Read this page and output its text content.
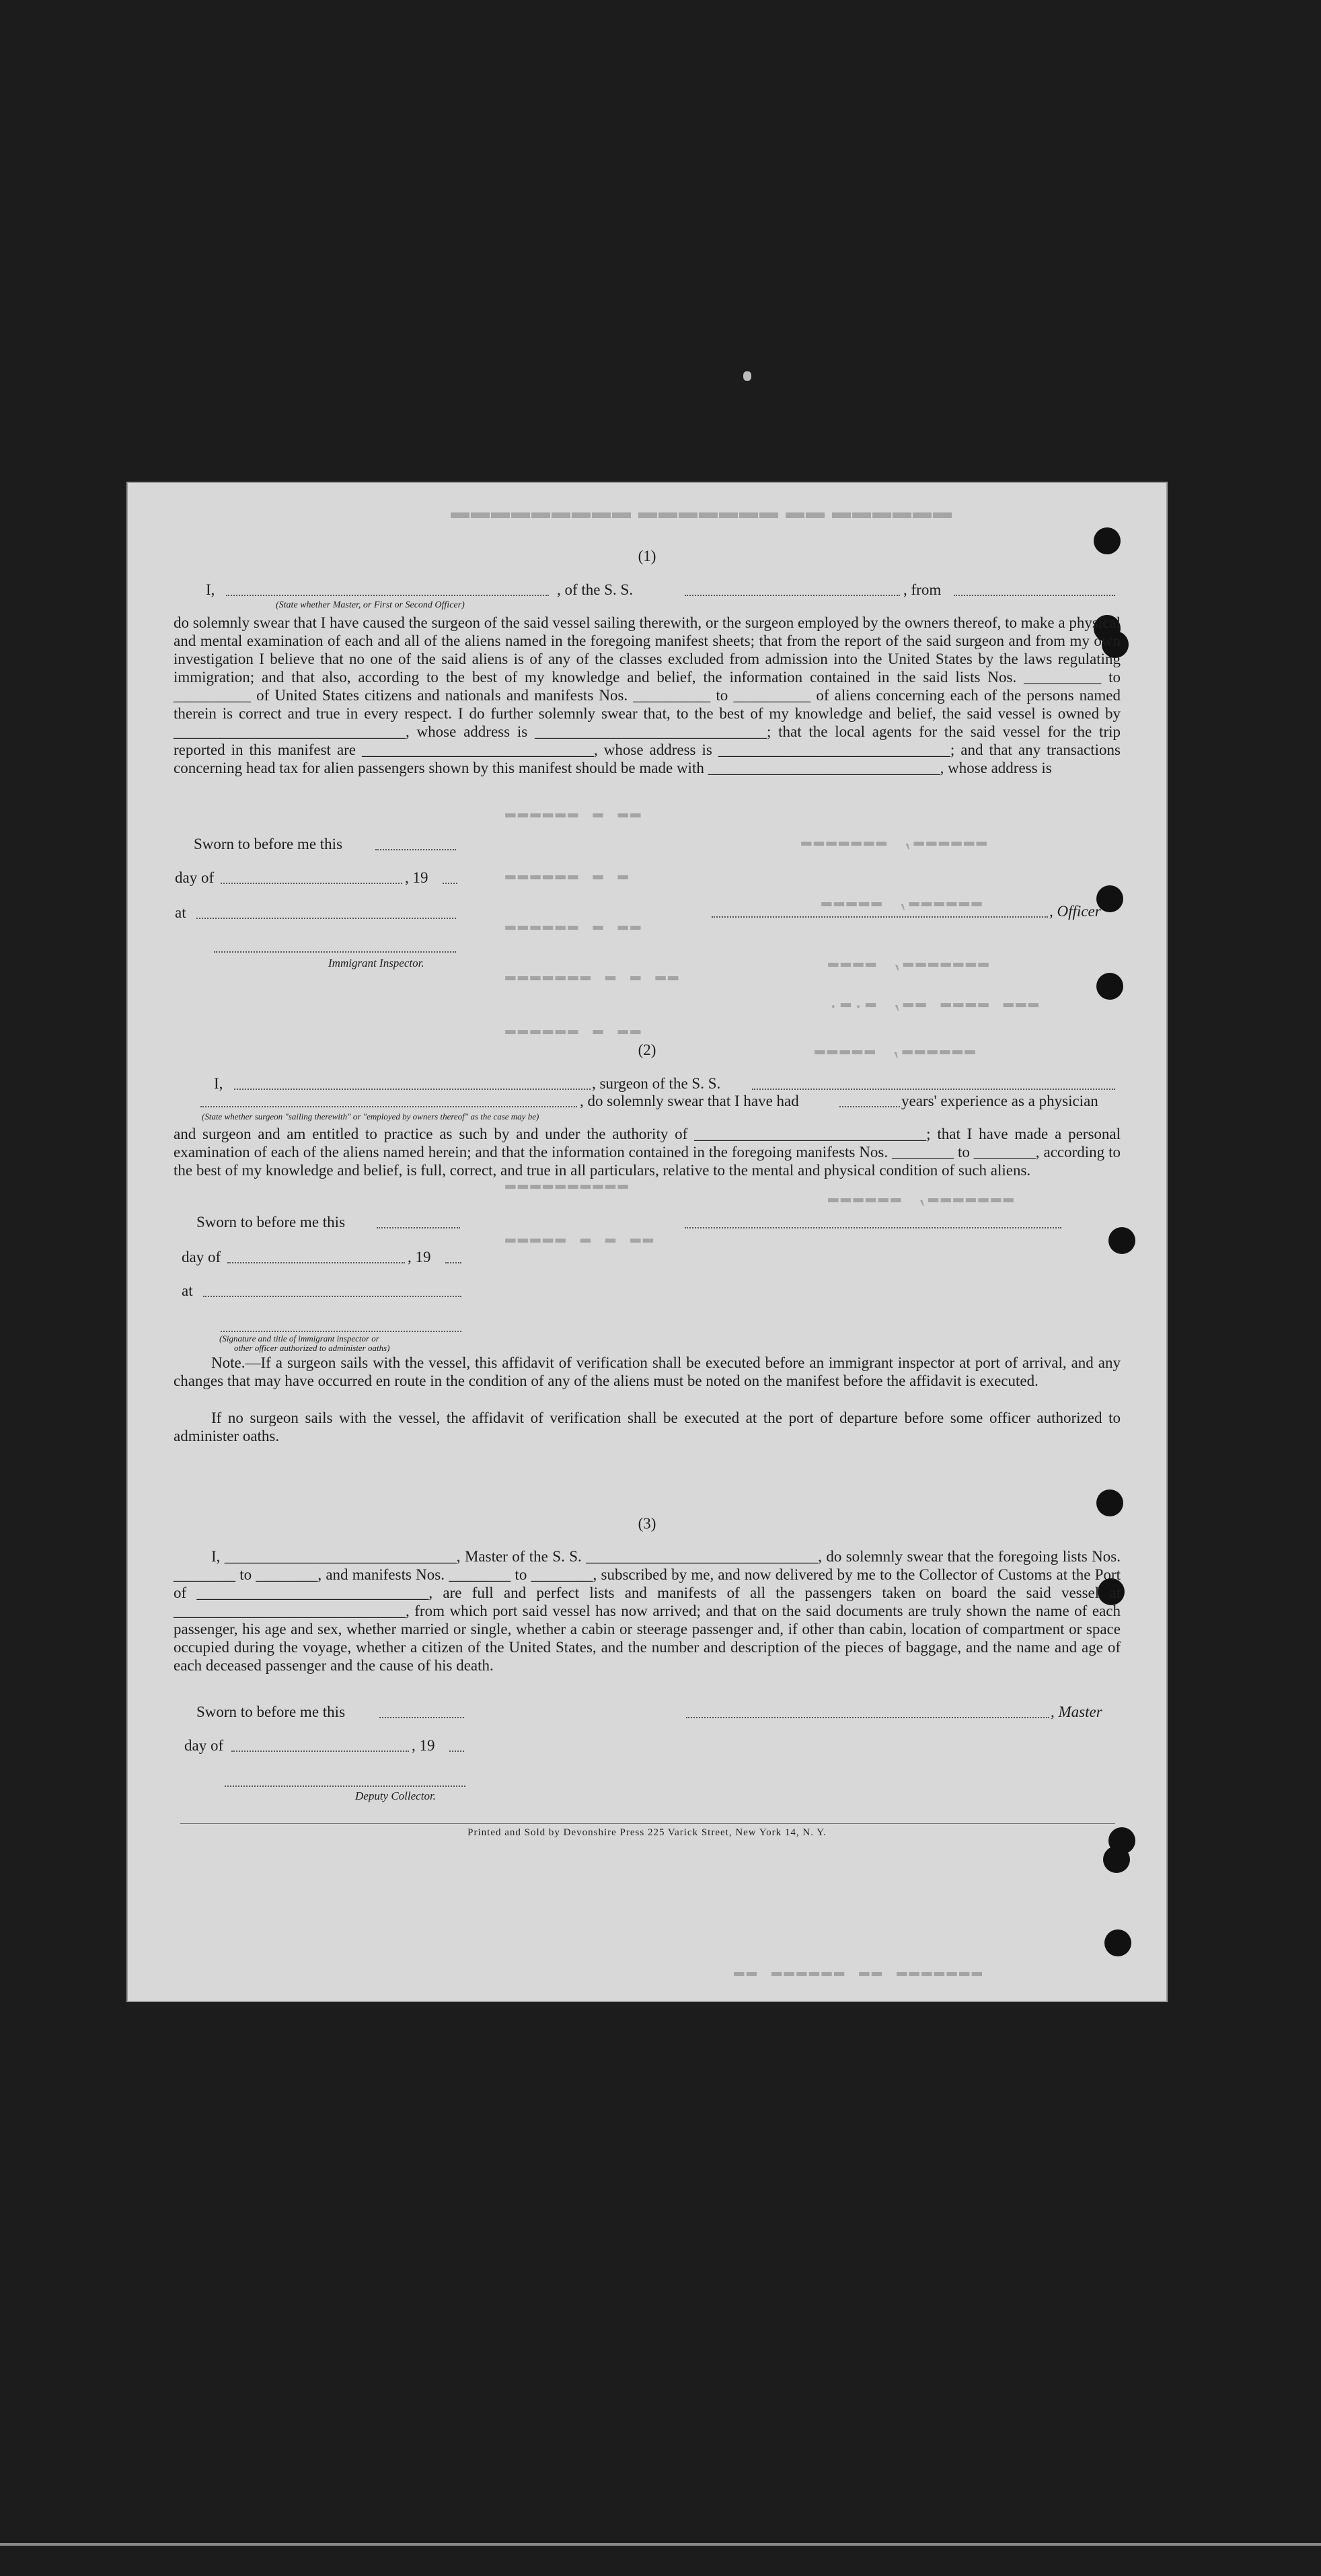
▬▬▬▬▬▬ ▬▬ ▬▬▬▬▬▬▬ ▬▬▬▬▬▬▬▬▬
▬▬▬▬▬▬, ▬▬▬▬▬▬▬
▬▬ ▬ ▬▬▬▬▬▬
▬ ▬ ▬▬▬▬▬▬
▬▬▬▬▬▬, ▬▬▬▬▬
▬▬ ▬ ▬▬▬▬▬▬
▬▬▬▬▬▬▬, ▬▬▬▬
▬▬ ▬ ▬ ▬▬▬▬▬▬▬
▬▬▬ ▬▬▬▬ ▬▬, ▬.▬.
▬▬ ▬ ▬▬▬▬▬▬
▬▬▬▬▬▬, ▬▬▬▬▬
▬▬▬▬▬▬▬▬▬▬
▬▬▬▬▬▬▬, ▬▬▬▬▬▬
▬▬ ▬ ▬ ▬▬▬▬▬
▬▬▬▬▬▬▬ ▬▬ ▬▬▬▬▬▬ ▬▬
(1)
I,	, of the S. S.	, from
(State whether Master, or First or Second Officer)
do solemnly swear that I have caused the surgeon of the said vessel sailing therewith, or the surgeon employed by the owners thereof, to make a physical and mental examination of each and all of the aliens named in the foregoing manifest sheets; that from the report of the said surgeon and from my own investigation I believe that no one of the said aliens is of any of the classes excluded from admission into the United States by the laws regulating immigration; and that also, according to the best of my knowledge and belief, the information contained in the said lists Nos. __________ to __________ of United States citizens and nationals and manifests Nos. __________ to __________ of aliens concerning each of the persons named therein is correct and true in every respect. I do further solemnly swear that, to the best of my knowledge and belief, the said vessel is owned by ______________________________, whose address is ______________________________; that the local agents for the said vessel for the trip reported in this manifest are ______________________________, whose address is ______________________________; and that any transactions concerning head tax for alien passengers shown by this manifest should be made with ______________________________, whose address is
Sworn to before me this
day of	, 19
at	, Officer
Immigrant Inspector.
(2)
I,	, surgeon of the S. S.
, do solemnly swear that I have had	years' experience as a physician
(State whether surgeon "sailing therewith" or "employed by owners thereof" as the case may be)
and surgeon and am entitled to practice as such by and under the authority of ______________________________; that I have made a personal examination of each of the aliens named herein; and that the information contained in the foregoing manifests Nos. ________ to ________, according to the best of my knowledge and belief, is full, correct, and true in all particulars, relative to the mental and physical condition of such aliens.
Sworn to before me this
day of	, 19
at
(Signature and title of immigrant inspector or
other officer authorized to administer oaths)
Note.—If a surgeon sails with the vessel, this affidavit of verification shall be executed before an immigrant inspector at port of arrival, and any changes that may have occurred en route in the condition of any of the aliens must be noted on the manifest before the affidavit is executed.
If no surgeon sails with the vessel, the affidavit of verification shall be executed at the port of departure before some officer authorized to administer oaths.
(3)
I, ______________________________, Master of the S. S. ______________________________, do solemnly swear that the foregoing lists Nos. ________ to ________, and manifests Nos. ________ to ________, subscribed by me, and now delivered by me to the Collector of Customs at the Port of ______________________________, are full and perfect lists and manifests of all the passengers taken on board the said vessel at ______________________________, from which port said vessel has now arrived; and that on the said documents are truly shown the name of each passenger, his age and sex, whether married or single, whether a cabin or steerage passenger and, if other than cabin, location of compartment or space occupied during the voyage, whether a citizen of the United States, and the number and description of the pieces of baggage, and the name and age of each deceased passenger and the cause of his death.
Sworn to before me this	, Master
day of	, 19
Deputy Collector.
Printed and Sold by Devonshire Press 225 Varick Street, New York 14, N. Y.
